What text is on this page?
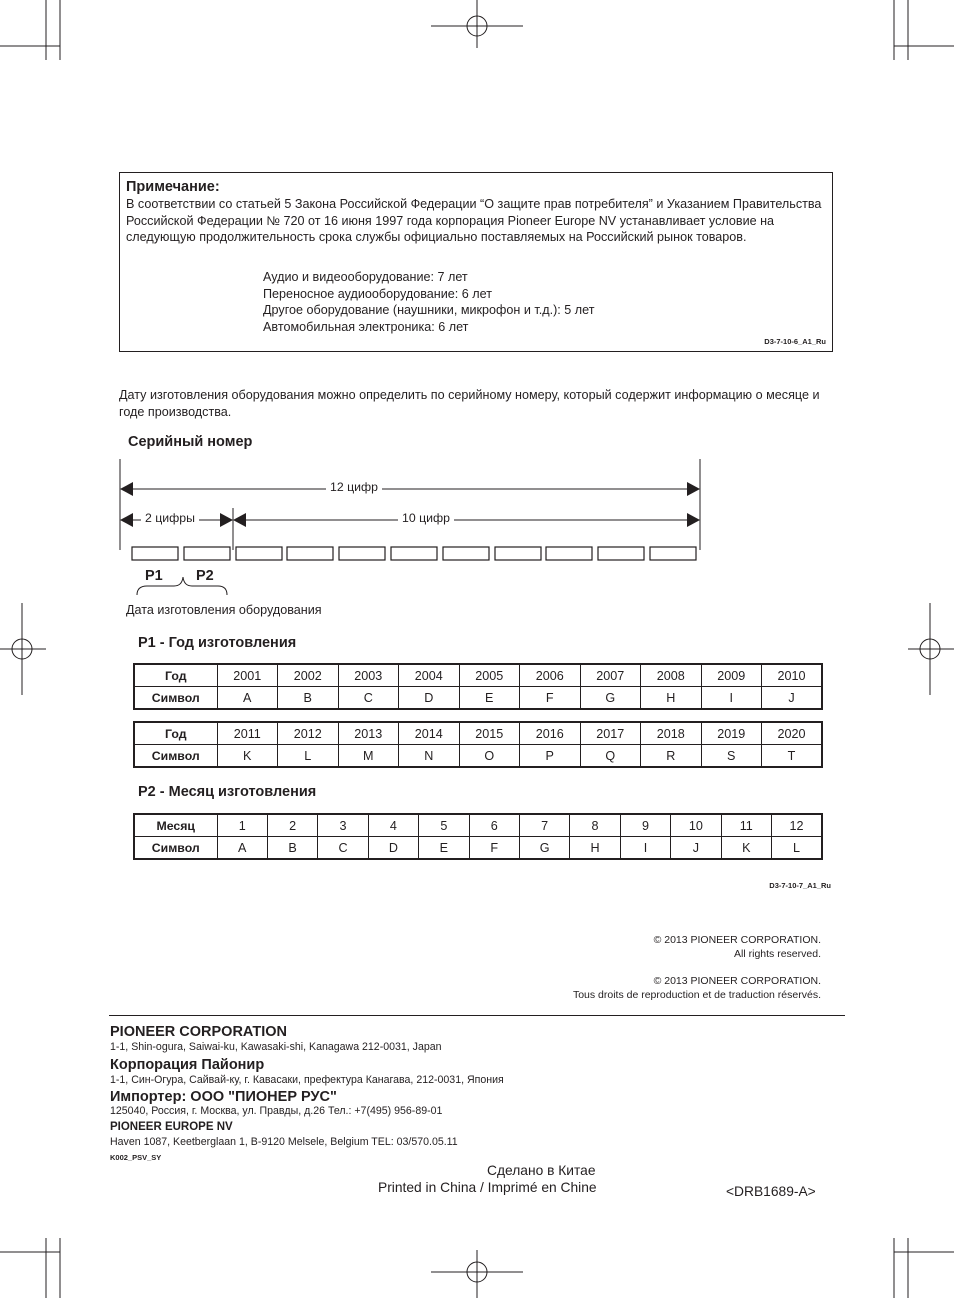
Примечание:
В соответствии со статьей 5 Закона Российской Федерации “О защите прав потребителя” и Указанием Правительства Российской Федерации № 720 от 16 июня 1997 года корпорация Pioneer Europe NV устанавливает условие на следующую продолжительность срока службы официально поставляемых на Российский рынок товаров.
Аудио и видеооборудование: 7 лет
Переносное аудиооборудование: 6 лет
Другое оборудование (наушники, микрофон и т.д.): 5 лет
Автомобильная электроника: 6 лет
D3-7-10-6_A1_Ru
Дату изготовления оборудования можно определить по серийному номеру, который содержит информацию о месяце и годе производства.
Серийный номер
12 цифр
2 цифры	10 цифр
P1 P2
Дата изготовления оборудования
P1 - Год изготовления
Год	2001	2002	2003	2004	2005	2006	2007	2008	2009	2010
Символ	A	B	C	D	E	F	G	H	I	J
Год	2011	2012	2013	2014	2015	2016	2017	2018	2019	2020
Символ	K	L	M	N	O	P	Q	R	S	T
P2 - Месяц изготовления
Месяц	1	2	3	4	5	6	7	8	9	10	11	12
Символ	A	B	C	D	E	F	G	H	I	J	K	L
D3-7-10-7_A1_Ru
© 2013 PIONEER CORPORATION.
All rights reserved.
© 2013 PIONEER CORPORATION.
Tous droits de reproduction et de traduction réservés.
PIONEER CORPORATION
1-1, Shin-ogura, Saiwai-ku, Kawasaki-shi, Kanagawa 212-0031, Japan
Корпорация Пайонир
1-1, Син-Огура, Сайвай-ку, г. Кавасаки, префектура Канагава, 212-0031, Япония
Импортер: ООО "ПИОНЕР РУС"
125040, Россия, г. Москва, ул. Правды, д.26 Тел.: +7(495) 956-89-01
PIONEER EUROPE NV
Haven 1087, Keetberglaan 1, B-9120 Melsele, Belgium TEL: 03/570.05.11
K002_PSV_SY
Сделано в Китае
Printed in China / Imprimé en Chine	<DRB1689-A>
